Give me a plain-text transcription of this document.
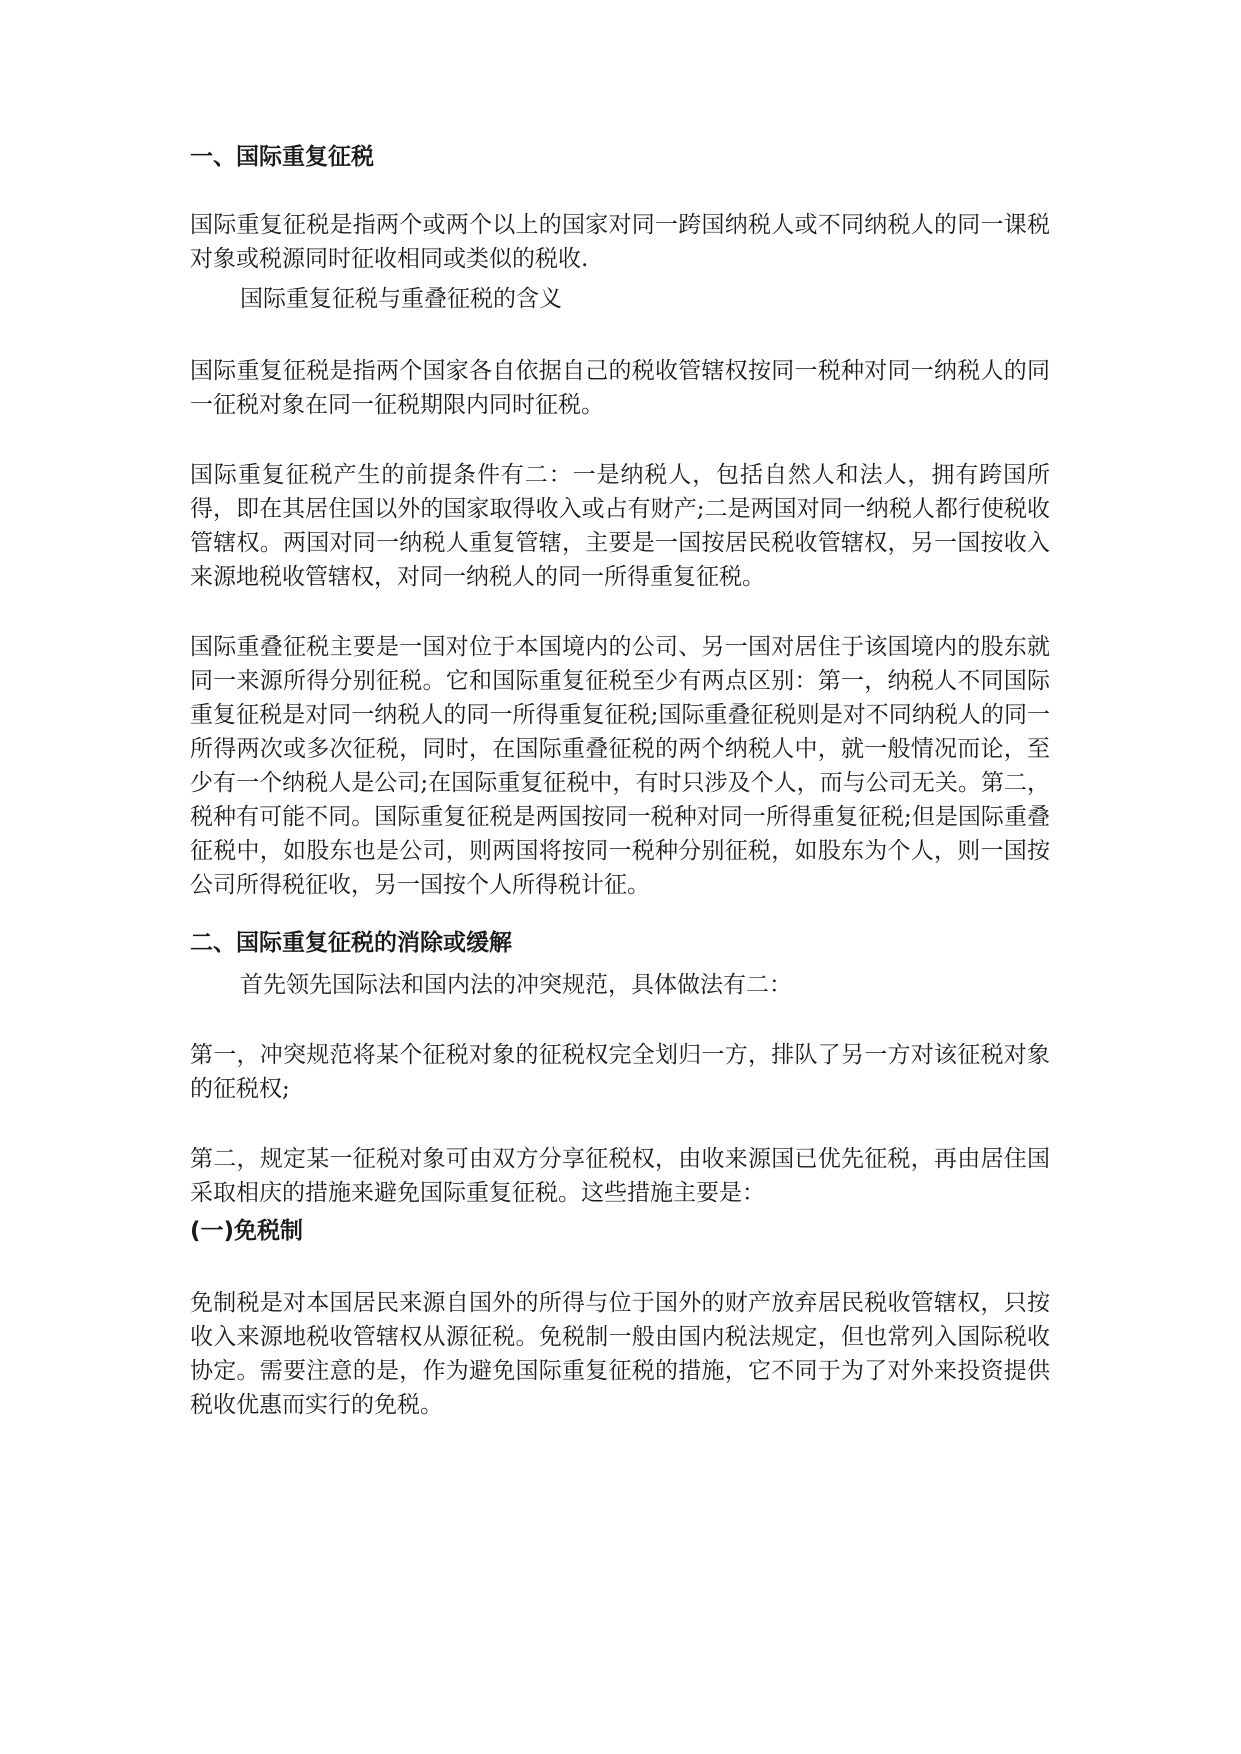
一、国际重复征税

国际重复征税是指两个或两个以上的国家对同一跨国纳税人或不同纳税人的同一课税对象或税源同时征收相同或类似的税收.

国际重复征税与重叠征税的含义

国际重复征税是指两个国家各自依据自己的税收管辖权按同一税种对同一纳税人的同一征税对象在同一征税期限内同时征税。

国际重复征税产生的前提条件有二：一是纳税人，包括自然人和法人，拥有跨国所得，即在其居住国以外的国家取得收入或占有财产;二是两国对同一纳税人都行使税收管辖权。两国对同一纳税人重复管辖，主要是一国按居民税收管辖权，另一国按收入来源地税收管辖权，对同一纳税人的同一所得重复征税。

国际重叠征税主要是一国对位于本国境内的公司、另一国对居住于该国境内的股东就同一来源所得分别征税。它和国际重复征税至少有两点区别：第一，纳税人不同国际重复征税是对同一纳税人的同一所得重复征税;国际重叠征税则是对不同纳税人的同一所得两次或多次征税，同时，在国际重叠征税的两个纳税人中，就一般情况而论，至少有一个纳税人是公司;在国际重复征税中，有时只涉及个人，而与公司无关。第二，税种有可能不同。国际重复征税是两国按同一税种对同一所得重复征税;但是国际重叠征税中，如股东也是公司，则两国将按同一税种分别征税，如股东为个人，则一国按公司所得税征收，另一国按个人所得税计征。

二、国际重复征税的消除或缓解

首先领先国际法和国内法的冲突规范，具体做法有二：

第一，冲突规范将某个征税对象的征税权完全划归一方，排队了另一方对该征税对象的征税权;

第二，规定某一征税对象可由双方分享征税权，由收来源国已优先征税，再由居住国采取相庆的措施来避免国际重复征税。这些措施主要是：

(一)免税制

免制税是对本国居民来源自国外的所得与位于国外的财产放弃居民税收管辖权，只按收入来源地税收管辖权从源征税。免税制一般由国内税法规定，但也常列入国际税收协定。需要注意的是，作为避免国际重复征税的措施，它不同于为了对外来投资提供税收优惠而实行的免税。
